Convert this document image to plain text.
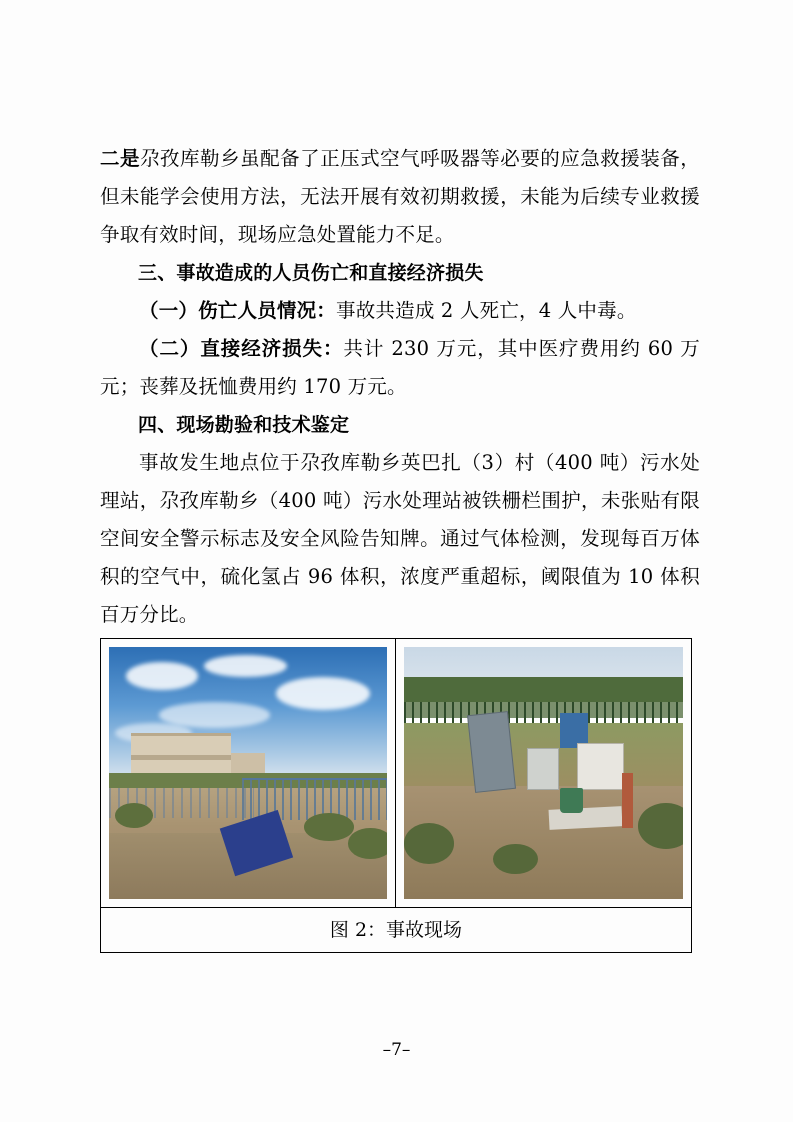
二是尕孜库勒乡虽配备了正压式空气呼吸器等必要的应急救援装备，但未能学会使用方法，无法开展有效初期救援，未能为后续专业救援争取有效时间，现场应急处置能力不足。

三、事故造成的人员伤亡和直接经济损失

（一）伤亡人员情况：事故共造成 2 人死亡，4 人中毒。

（二）直接经济损失：共计 230 万元，其中医疗费用约 60 万元；丧葬及抚恤费用约 170 万元。

四、现场勘验和技术鉴定

事故发生地点位于尕孜库勒乡英巴扎（3）村（400 吨）污水处理站，尕孜库勒乡（400 吨）污水处理站被铁栅栏围护，未张贴有限空间安全警示标志及安全风险告知牌。通过气体检测，发现每百万体积的空气中，硫化氢占 96 体积，浓度严重超标，阈限值为 10 体积百万分比。

图 2：事故现场
–7–
